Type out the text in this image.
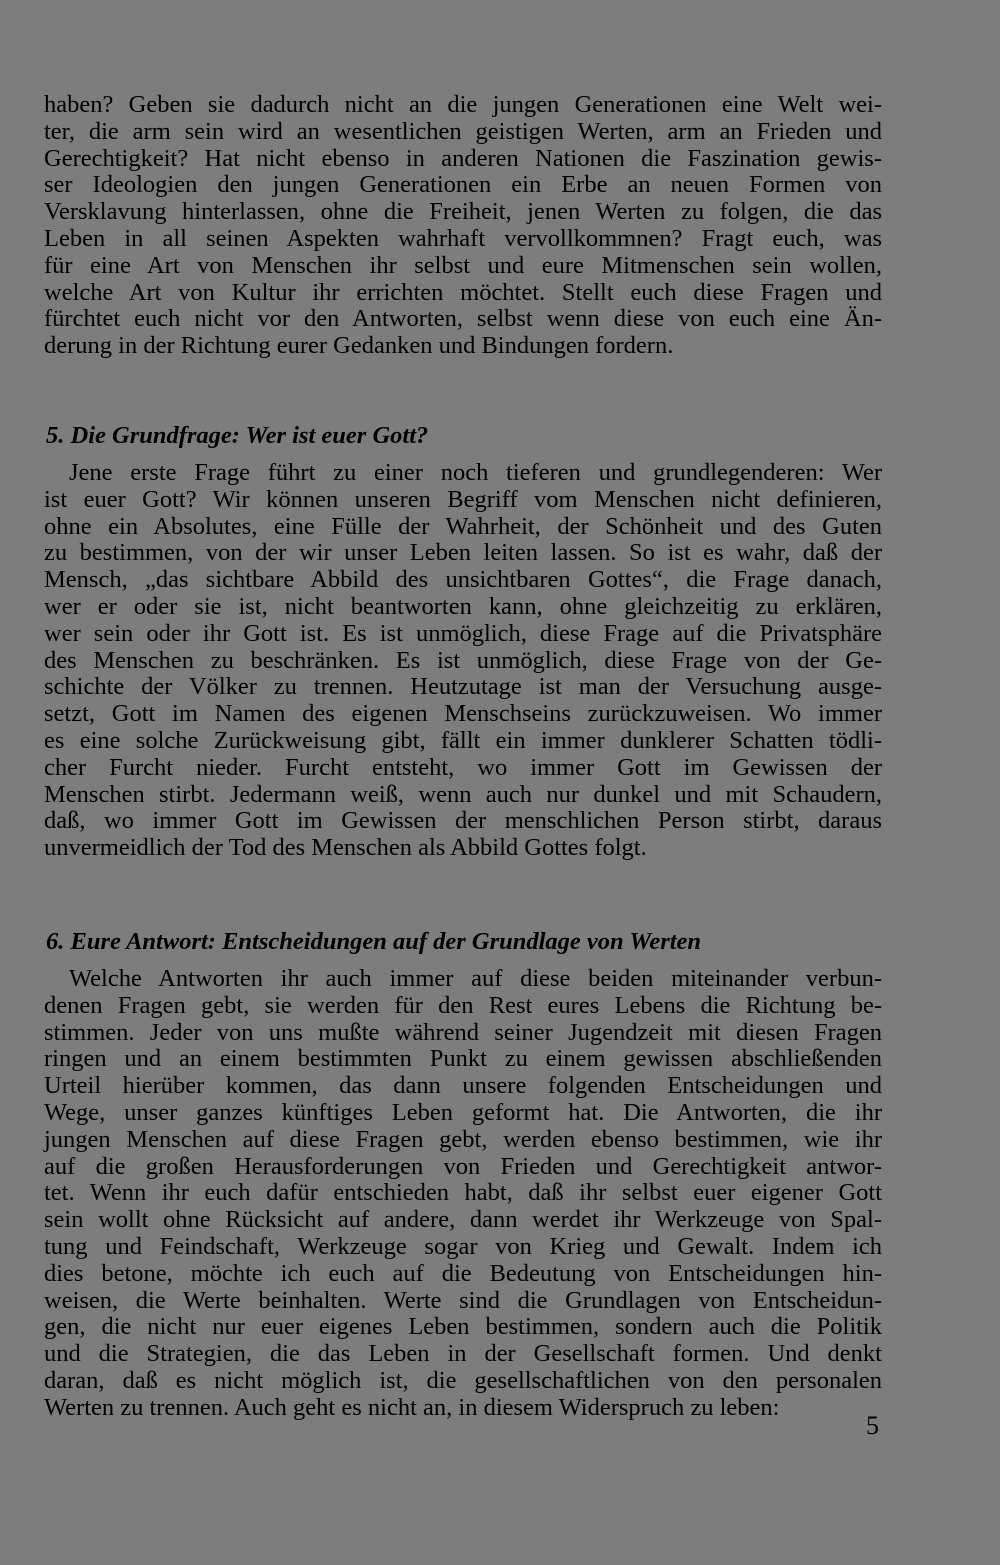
haben? Geben sie dadurch nicht an die jungen Generationen eine Welt wei-
ter, die arm sein wird an wesentlichen geistigen Werten, arm an Frieden und
Gerechtigkeit? Hat nicht ebenso in anderen Nationen die Faszination gewis-
ser Ideologien den jungen Generationen ein Erbe an neuen Formen von
Versklavung hinterlassen, ohne die Freiheit, jenen Werten zu folgen, die das
Leben in all seinen Aspekten wahrhaft vervollkommnen? Fragt euch, was
für eine Art von Menschen ihr selbst und eure Mitmenschen sein wollen,
welche Art von Kultur ihr errichten möchtet. Stellt euch diese Fragen und
fürchtet euch nicht vor den Antworten, selbst wenn diese von euch eine Än-
derung in der Richtung eurer Gedanken und Bindungen fordern.
5. Die Grundfrage: Wer ist euer Gott?
Jene erste Frage führt zu einer noch tieferen und grundlegenderen: Wer
ist euer Gott? Wir können unseren Begriff vom Menschen nicht definieren,
ohne ein Absolutes, eine Fülle der Wahrheit, der Schönheit und des Guten
zu bestimmen, von der wir unser Leben leiten lassen. So ist es wahr, daß der
Mensch, „das sichtbare Abbild des unsichtbaren Gottes“, die Frage danach,
wer er oder sie ist, nicht beantworten kann, ohne gleichzeitig zu erklären,
wer sein oder ihr Gott ist. Es ist unmöglich, diese Frage auf die Privatsphäre
des Menschen zu beschränken. Es ist unmöglich, diese Frage von der Ge-
schichte der Völker zu trennen. Heutzutage ist man der Versuchung ausge-
setzt, Gott im Namen des eigenen Menschseins zurückzuweisen. Wo immer
es eine solche Zurückweisung gibt, fällt ein immer dunklerer Schatten tödli-
cher Furcht nieder. Furcht entsteht, wo immer Gott im Gewissen der
Menschen stirbt. Jedermann weiß, wenn auch nur dunkel und mit Schaudern,
daß, wo immer Gott im Gewissen der menschlichen Person stirbt, daraus
unvermeidlich der Tod des Menschen als Abbild Gottes folgt.
6. Eure Antwort: Entscheidungen auf der Grundlage von Werten
Welche Antworten ihr auch immer auf diese beiden miteinander verbun-
denen Fragen gebt, sie werden für den Rest eures Lebens die Richtung be-
stimmen. Jeder von uns mußte während seiner Jugendzeit mit diesen Fragen
ringen und an einem bestimmten Punkt zu einem gewissen abschließenden
Urteil hierüber kommen, das dann unsere folgenden Entscheidungen und
Wege, unser ganzes künftiges Leben geformt hat. Die Antworten, die ihr
jungen Menschen auf diese Fragen gebt, werden ebenso bestimmen, wie ihr
auf die großen Herausforderungen von Frieden und Gerechtigkeit antwor-
tet. Wenn ihr euch dafür entschieden habt, daß ihr selbst euer eigener Gott
sein wollt ohne Rücksicht auf andere, dann werdet ihr Werkzeuge von Spal-
tung und Feindschaft, Werkzeuge sogar von Krieg und Gewalt. Indem ich
dies betone, möchte ich euch auf die Bedeutung von Entscheidungen hin-
weisen, die Werte beinhalten. Werte sind die Grundlagen von Entscheidun-
gen, die nicht nur euer eigenes Leben bestimmen, sondern auch die Politik
und die Strategien, die das Leben in der Gesellschaft formen. Und denkt
daran, daß es nicht möglich ist, die gesellschaftlichen von den personalen
Werten zu trennen. Auch geht es nicht an, in diesem Widerspruch zu leben:
5
